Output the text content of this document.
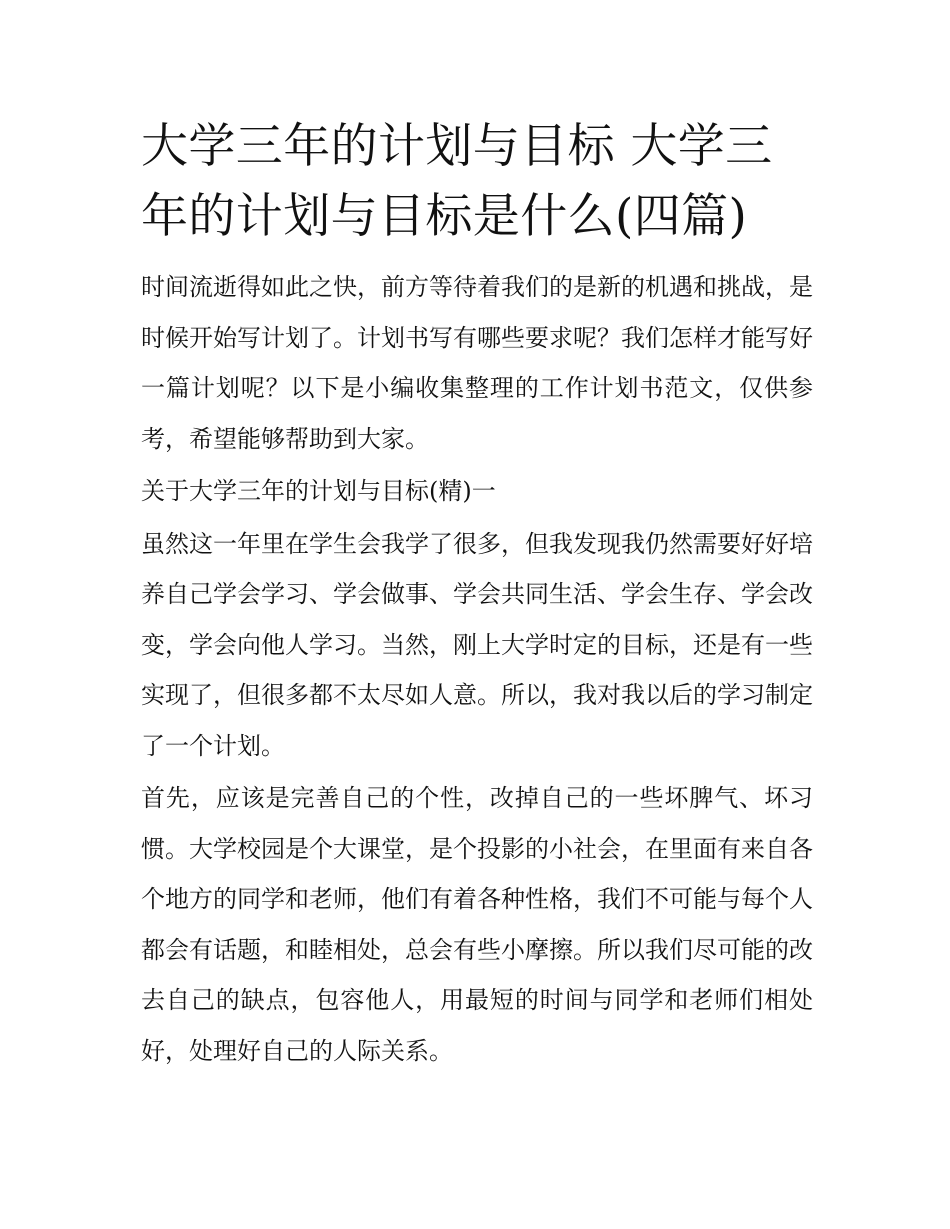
大学三年的计划与目标 大学三年的计划与目标是什么(四篇)

时间流逝得如此之快，前方等待着我们的是新的机遇和挑战，是时候开始写计划了。计划书写有哪些要求呢？我们怎样才能写好一篇计划呢？以下是小编收集整理的工作计划书范文，仅供参考，希望能够帮助到大家。

关于大学三年的计划与目标(精)一

虽然这一年里在学生会我学了很多，但我发现我仍然需要好好培养自己学会学习、学会做事、学会共同生活、学会生存、学会改变，学会向他人学习。当然，刚上大学时定的目标，还是有一些实现了，但很多都不太尽如人意。所以，我对我以后的学习制定了一个计划。

首先，应该是完善自己的个性，改掉自己的一些坏脾气、坏习惯。大学校园是个大课堂，是个投影的小社会，在里面有来自各个地方的同学和老师，他们有着各种性格，我们不可能与每个人都会有话题，和睦相处，总会有些小摩擦。所以我们尽可能的改去自己的缺点，包容他人，用最短的时间与同学和老师们相处好，处理好自己的人际关系。
